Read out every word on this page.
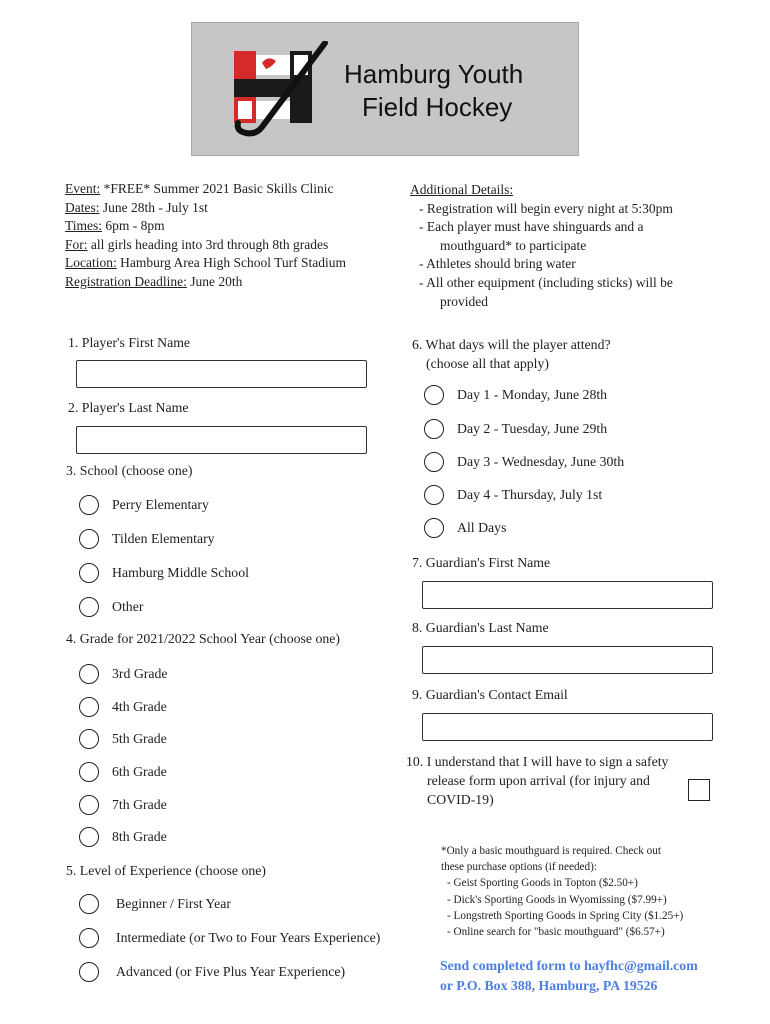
Hamburg Youth
Field Hockey
Event: *FREE* Summer 2021 Basic Skills Clinic
Dates: June 28th - July 1st
Times: 6pm - 8pm
For: all girls heading into 3rd through 8th grades
Location: Hamburg Area High School Turf Stadium
Registration Deadline: June 20th
Additional Details:
- Registration will begin every night at 5:30pm
- Each player must have shinguards and a
mouthguard* to participate
- Athletes should bring water
- All other equipment (including sticks) will be
provided
1. Player's First Name
2. Player's Last Name
3. School (choose one)
Perry Elementary
Tilden Elementary
Hamburg Middle School
Other
4. Grade for 2021/2022 School Year (choose one)
3rd Grade
4th Grade
5th Grade
6th Grade
7th Grade
8th Grade
5. Level of Experience (choose one)
Beginner / First Year
Intermediate (or Two to Four Years Experience)
Advanced (or Five Plus Year Experience)
6. What days will the player attend?
(choose all that apply)
Day 1 - Monday, June 28th
Day 2 - Tuesday, June 29th
Day 3 - Wednesday, June 30th
Day 4 - Thursday, July 1st
All Days
7. Guardian's First Name
8. Guardian's Last Name
9. Guardian's Contact Email
10. I understand that I will have to sign a safety
release form upon arrival (for injury and
COVID-19)
*Only a basic mouthguard is required. Check out
these purchase options (if needed):
- Geist Sporting Goods in Topton ($2.50+)
- Dick's Sporting Goods in Wyomissing ($7.99+)
- Longstreth Sporting Goods in Spring City ($1.25+)
- Online search for "basic mouthguard" ($6.57+)
Send completed form to hayfhc@gmail.com
or P.O. Box 388, Hamburg, PA 19526
